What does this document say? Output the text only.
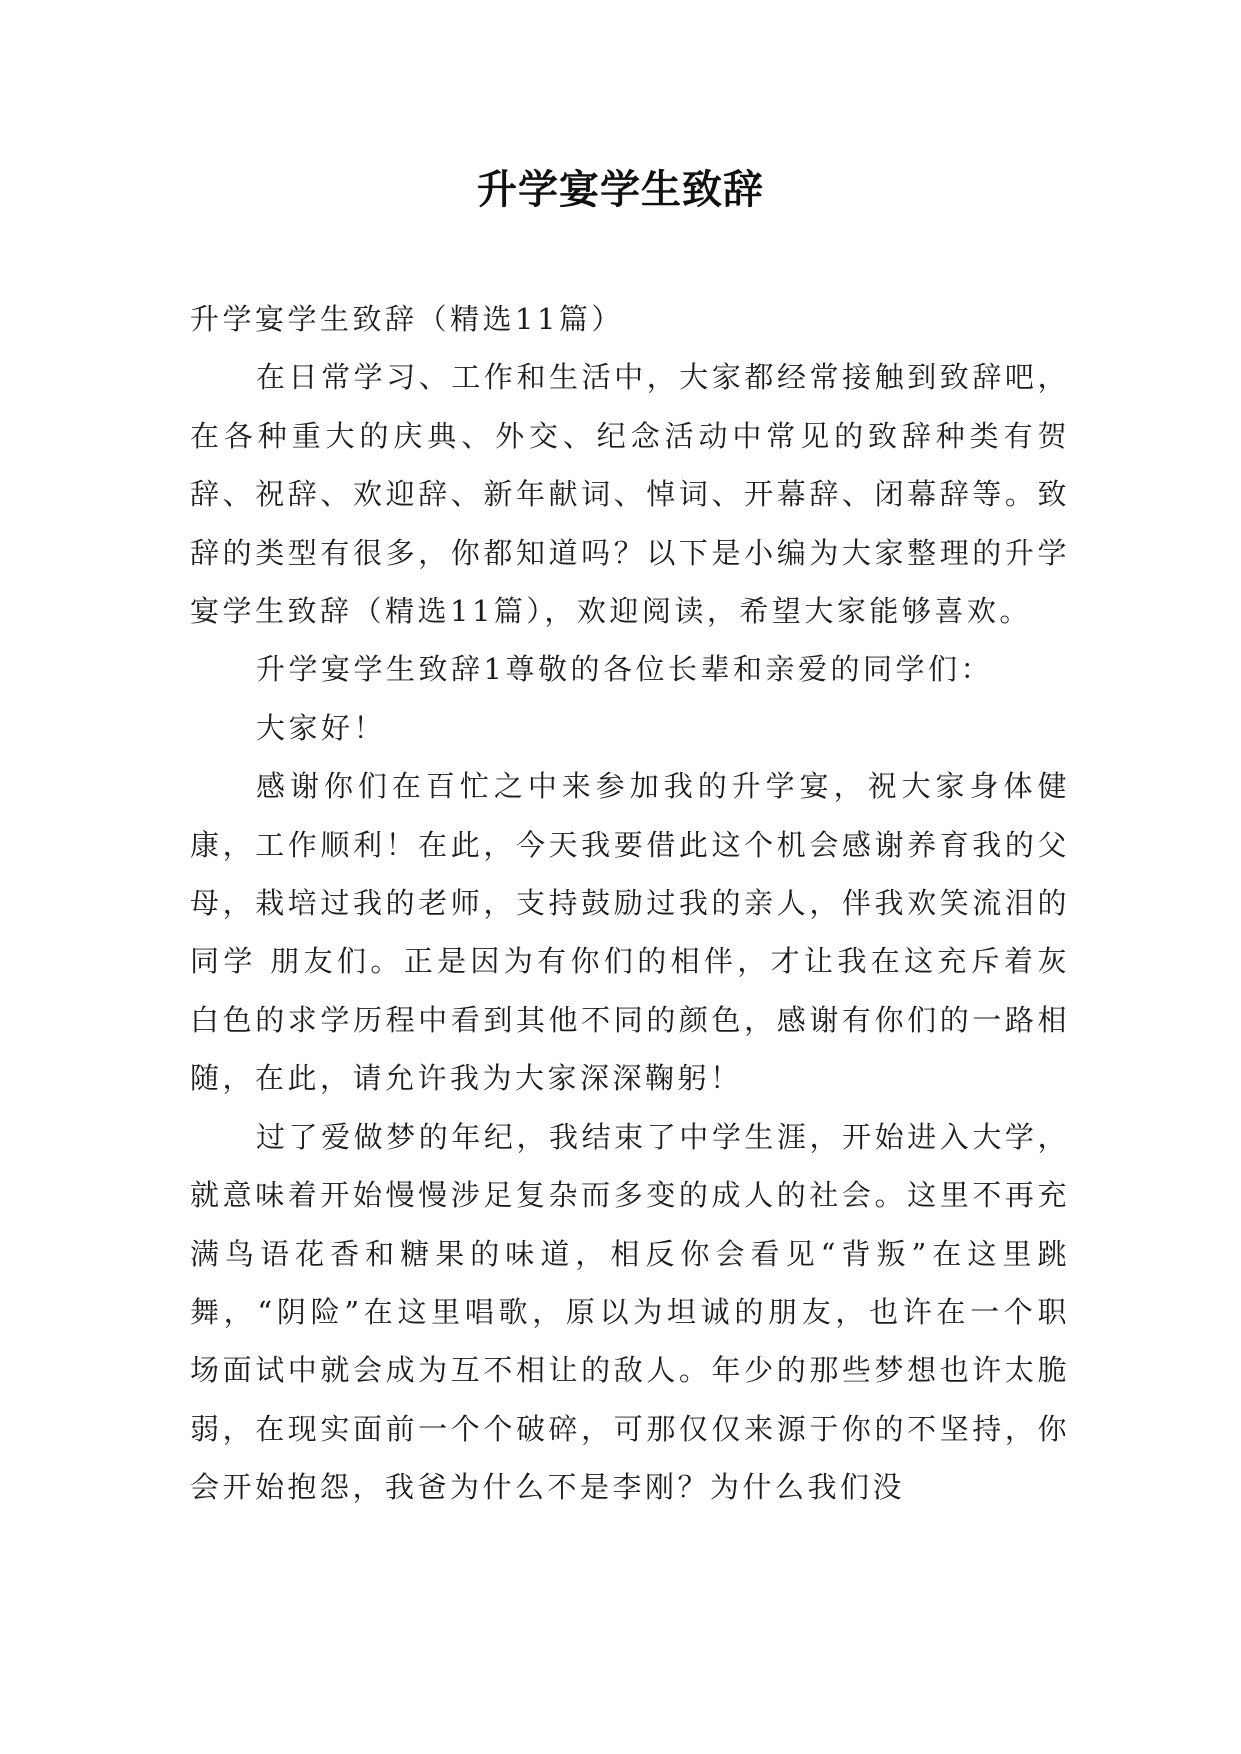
升学宴学生致辞

升学宴学生致辞（精选11篇）

在日常学习、工作和生活中，大家都经常接触到致辞吧，在各种重大的庆典、外交、纪念活动中常见的致辞种类有贺辞、祝辞、欢迎辞、新年献词、悼词、开幕辞、闭幕辞等。致辞的类型有很多，你都知道吗？以下是小编为大家整理的升学宴学生致辞（精选11篇），欢迎阅读，希望大家能够喜欢。

升学宴学生致辞1尊敬的各位长辈和亲爱的同学们：

大家好！

感谢你们在百忙之中来参加我的升学宴，祝大家身体健康，工作顺利！在此，今天我要借此这个机会感谢养育我的父母，栽培过我的老师，支持鼓励过我的亲人，伴我欢笑流泪的同学 朋友们。正是因为有你们的相伴，才让我在这充斥着灰白色的求学历程中看到其他不同的颜色，感谢有你们的一路相随，在此，请允许我为大家深深鞠躬！

过了爱做梦的年纪，我结束了中学生涯，开始进入大学，就意味着开始慢慢涉足复杂而多变的成人的社会。这里不再充满鸟语花香和糖果的味道，相反你会看见“背叛”在这里跳舞，“阴险”在这里唱歌，原以为坦诚的朋友，也许在一个职场面试中就会成为互不相让的敌人。年少的那些梦想也许太脆弱，在现实面前一个个破碎，可那仅仅来源于你的不坚持，你会开始抱怨，我爸为什么不是李刚？为什么我们没
